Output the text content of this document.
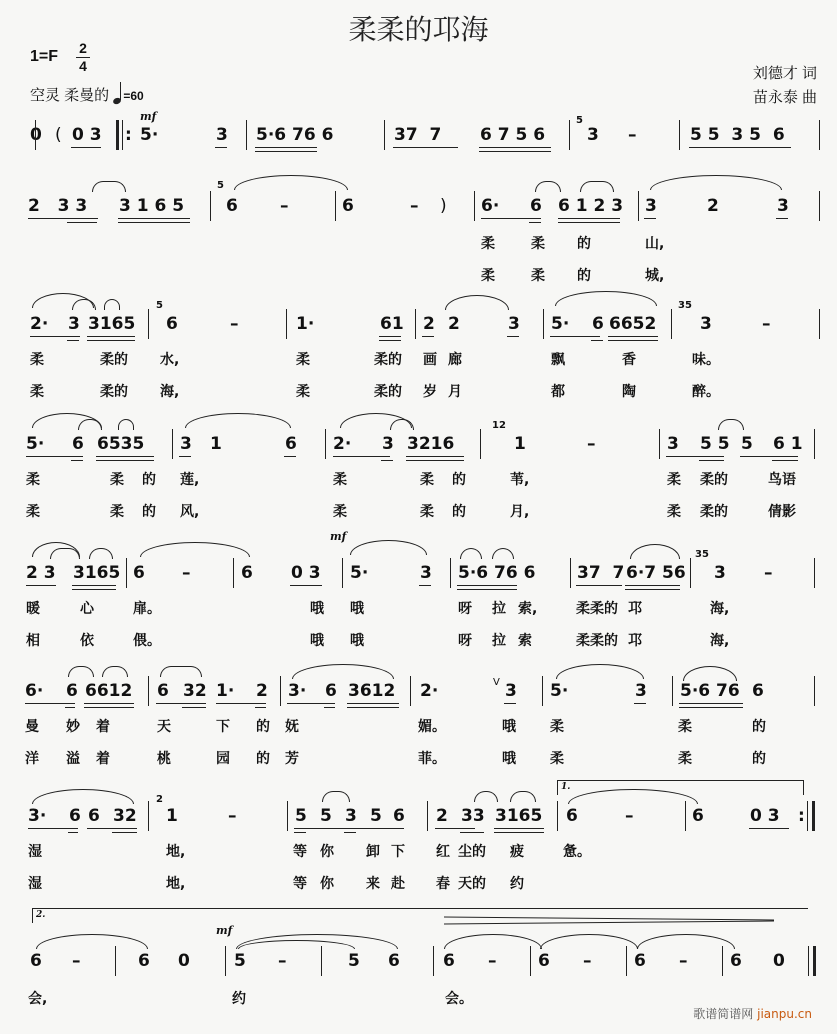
柔柔的邛海
1=F 2
4
空灵 柔曼的 =60
刘德才 词
苗永泰 曲
mf
0 ( 0 3 : 5·	3 5·6 76 6	37  7 6 7 5 6
5
3 –	5 5  3 5  6
2   3 3 3 1 6 5
5
6 –	6	– ) 6· 6 6 1 2 3 3	2	3
柔	柔 的	山,
柔	柔 的	城,
2· 3 3165
5
6	–	1·	61 2 2	3 5· 6 6652
35
3	–
柔	柔的 水,	柔	柔的 画 廊	飘	香	味。
柔	柔的 海,	柔	柔的 岁 月	都	陶	醉。
5· 6 6535 3 1	6 2· 3 3216
12
1	–	3 5 5 5 6 1
柔	柔 的 莲,	柔	柔 的	苇,	柔 柔的	鸟语
柔	柔 的 风,	柔	柔 的	月,	柔 柔的	倩影
mf
2 3 3165 6 –	6 0 3 5·	3 5·6 76 6 37  7 6·7 56
35
3 –
暖	心	扉。	哦 哦	呀 拉 索,	柔柔的 邛	海,
相	依	偎。	哦 哦	呀 拉 索	柔柔的 邛	海,
6· 6 6612 6 32 1· 2 3· 6 3612 2·	V 3 5·	3 5·6 76 6
曼 妙 着	天	下 的 妩	媚。	哦 柔	柔	的
洋 溢 着	桃	园 的 芳	菲。	哦 柔	柔	的
1.
3· 6 6 32
2
1	–	5 5 3 5 6 2 33 3165 6	–	6	0 3 :
湿	地,	等 你 卸 下 红 尘的 疲	惫。
湿	地,	等 你 来 赴 春 天的 约
2.
mf
6 –	6 0	5 –	5 6	6 – 6 –	6 –	6 0
会,	约	会。
歌谱简谱网 jianpu.cn
